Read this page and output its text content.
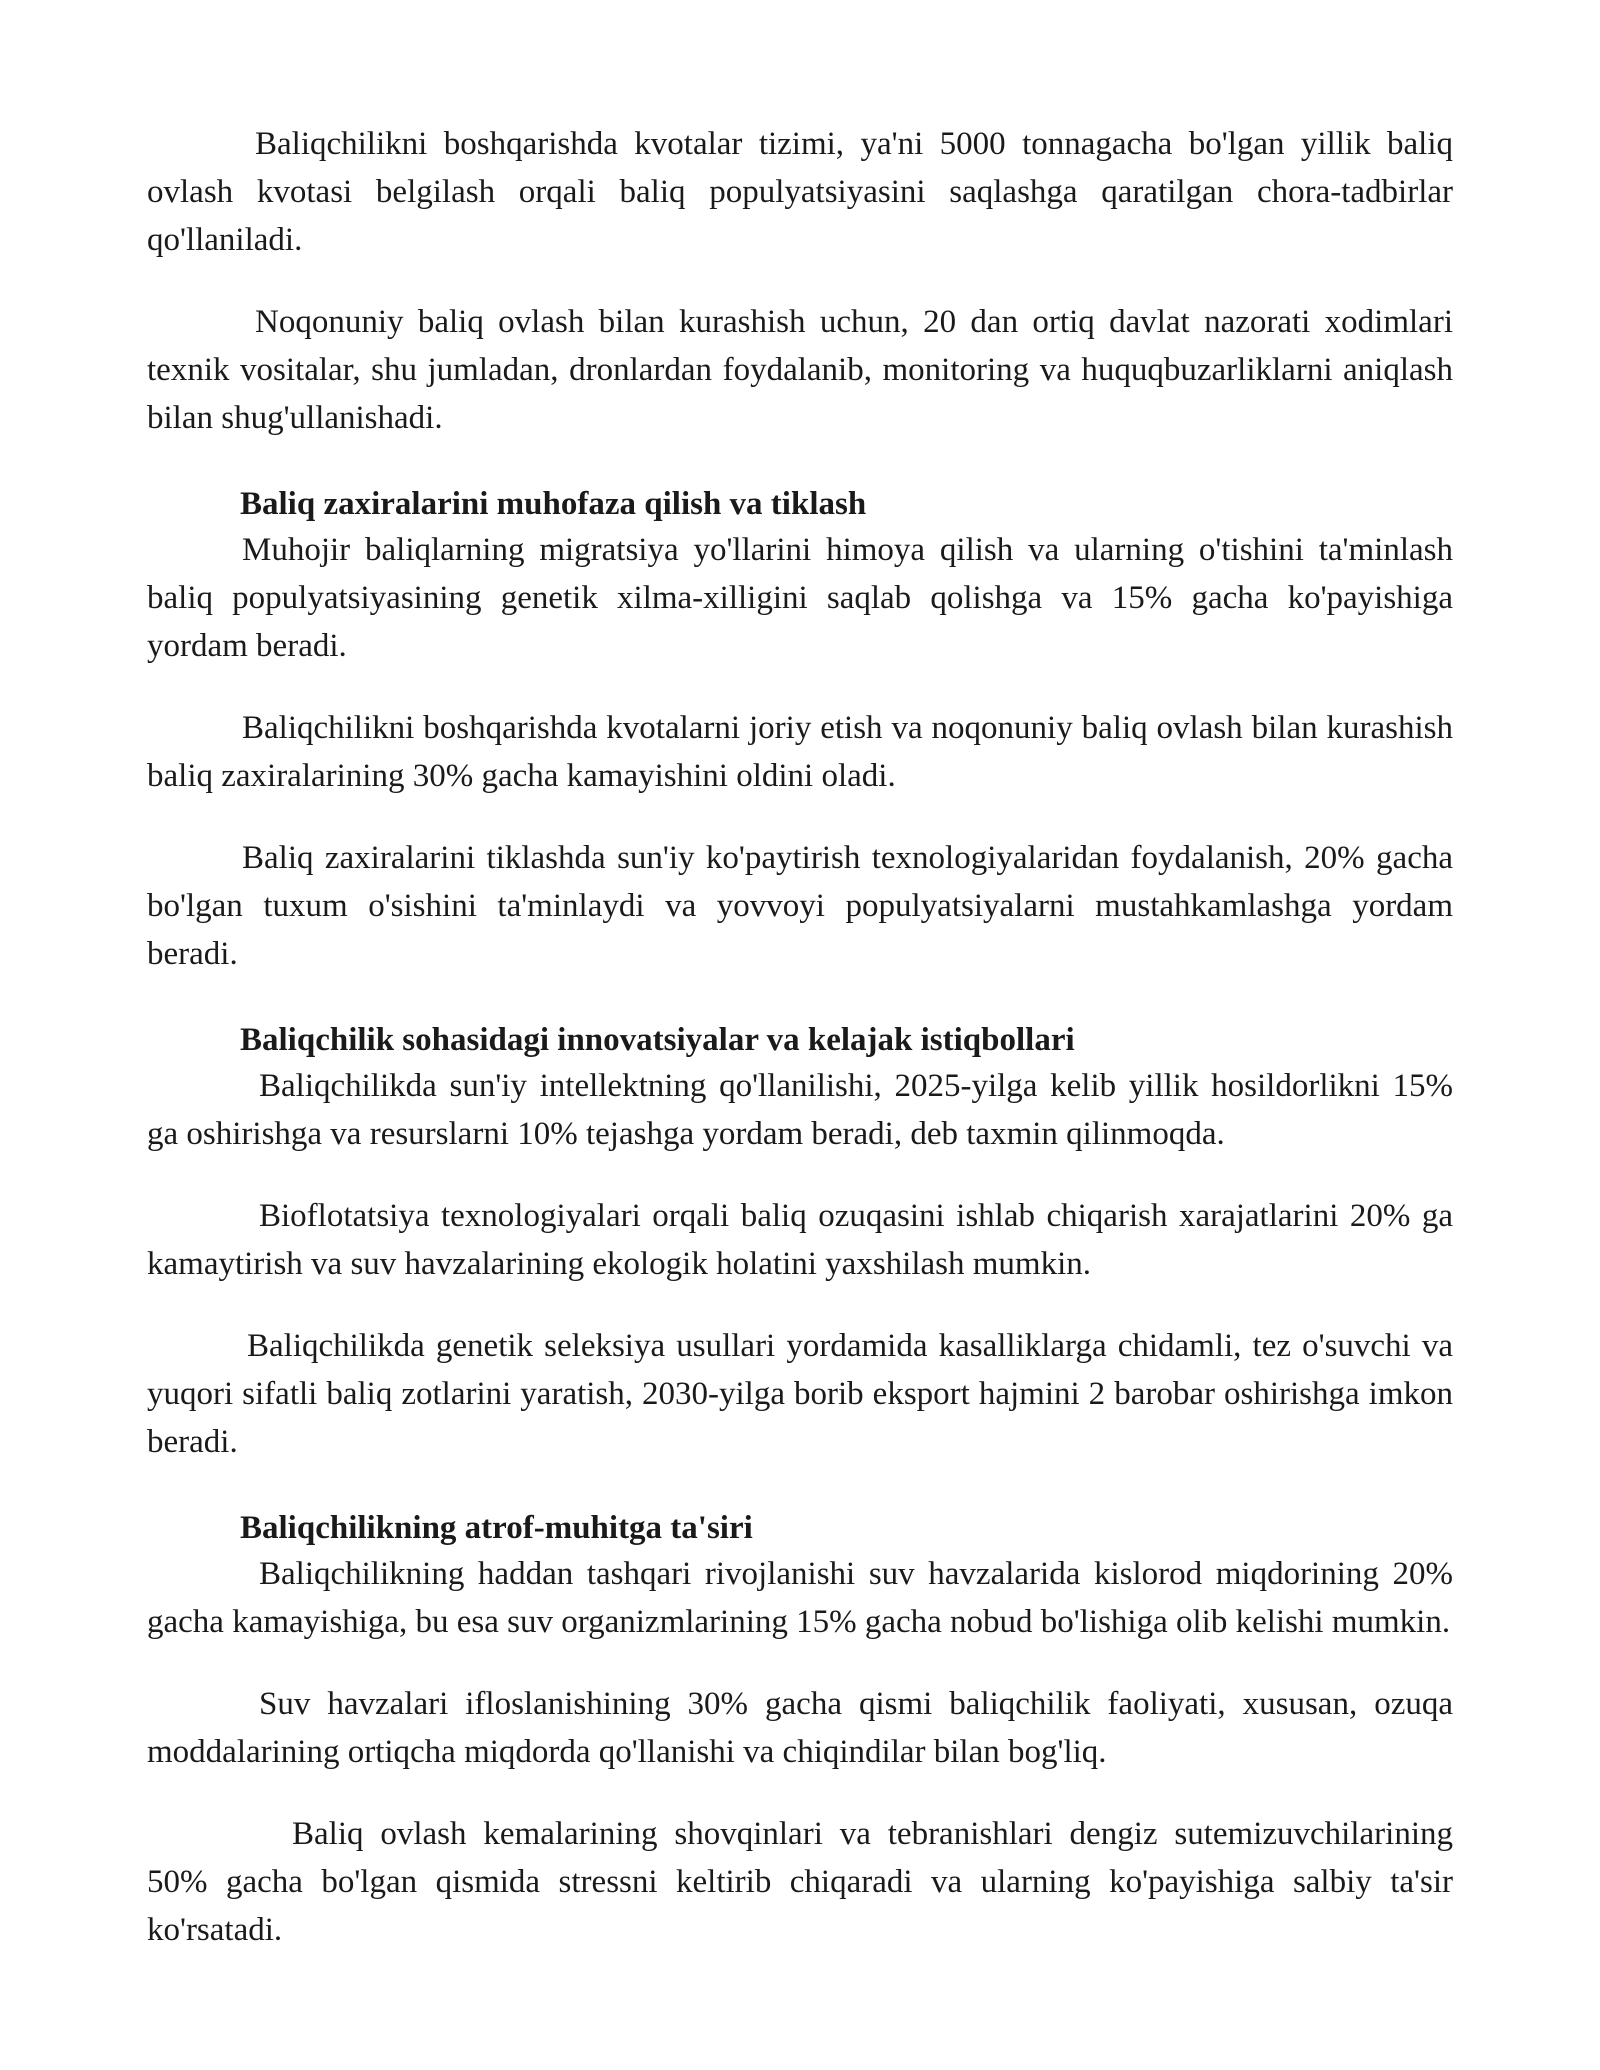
Baliqchilikni boshqarishda kvotalar tizimi, ya'ni 5000 tonnagacha bo'lgan yillik baliq ovlash kvotasi belgilash orqali baliq populyatsiyasini saqlashga qaratilgan chora-tadbirlar qo'llaniladi.

Noqonuniy baliq ovlash bilan kurashish uchun, 20 dan ortiq davlat nazorati xodimlari texnik vositalar, shu jumladan, dronlardan foydalanib, monitoring va huquqbuzarliklarni aniqlash bilan shug'ullanishadi.

Baliq zaxiralarini muhofaza qilish va tiklash

Muhojir baliqlarning migratsiya yo'llarini himoya qilish va ularning o'tishini ta'minlash baliq populyatsiyasining genetik xilma-xilligini saqlab qolishga va 15% gacha ko'payishiga yordam beradi.

Baliqchilikni boshqarishda kvotalarni joriy etish va noqonuniy baliq ovlash bilan kurashish baliq zaxiralarining 30% gacha kamayishini oldini oladi.

Baliq zaxiralarini tiklashda sun'iy ko'paytirish texnologiyalaridan foydalanish, 20% gacha bo'lgan tuxum o'sishini ta'minlaydi va yovvoyi populyatsiyalarni mustahkamlashga yordam beradi.

Baliqchilik sohasidagi innovatsiyalar va kelajak istiqbollari

Baliqchilikda sun'iy intellektning qo'llanilishi, 2025-yilga kelib yillik hosildorlikni 15% ga oshirishga va resurslarni 10% tejashga yordam beradi, deb taxmin qilinmoqda.

Bioflotatsiya texnologiyalari orqali baliq ozuqasini ishlab chiqarish xarajatlarini 20% ga kamaytirish va suv havzalarining ekologik holatini yaxshilash mumkin.

Baliqchilikda genetik seleksiya usullari yordamida kasalliklarga chidamli, tez o'suvchi va yuqori sifatli baliq zotlarini yaratish, 2030-yilga borib eksport hajmini 2 barobar oshirishga imkon beradi.

Baliqchilikning atrof-muhitga ta'siri

Baliqchilikning haddan tashqari rivojlanishi suv havzalarida kislorod miqdorining 20% gacha kamayishiga, bu esa suv organizmlarining 15% gacha nobud bo'lishiga olib kelishi mumkin.

Suv havzalari ifloslanishining 30% gacha qismi baliqchilik faoliyati, xususan, ozuqa moddalarining ortiqcha miqdorda qo'llanishi va chiqindilar bilan bog'liq.

Baliq ovlash kemalarining shovqinlari va tebranishlari dengiz sutemizuvchilarining 50% gacha bo'lgan qismida stressni keltirib chiqaradi va ularning ko'payishiga salbiy ta'sir ko'rsatadi.
